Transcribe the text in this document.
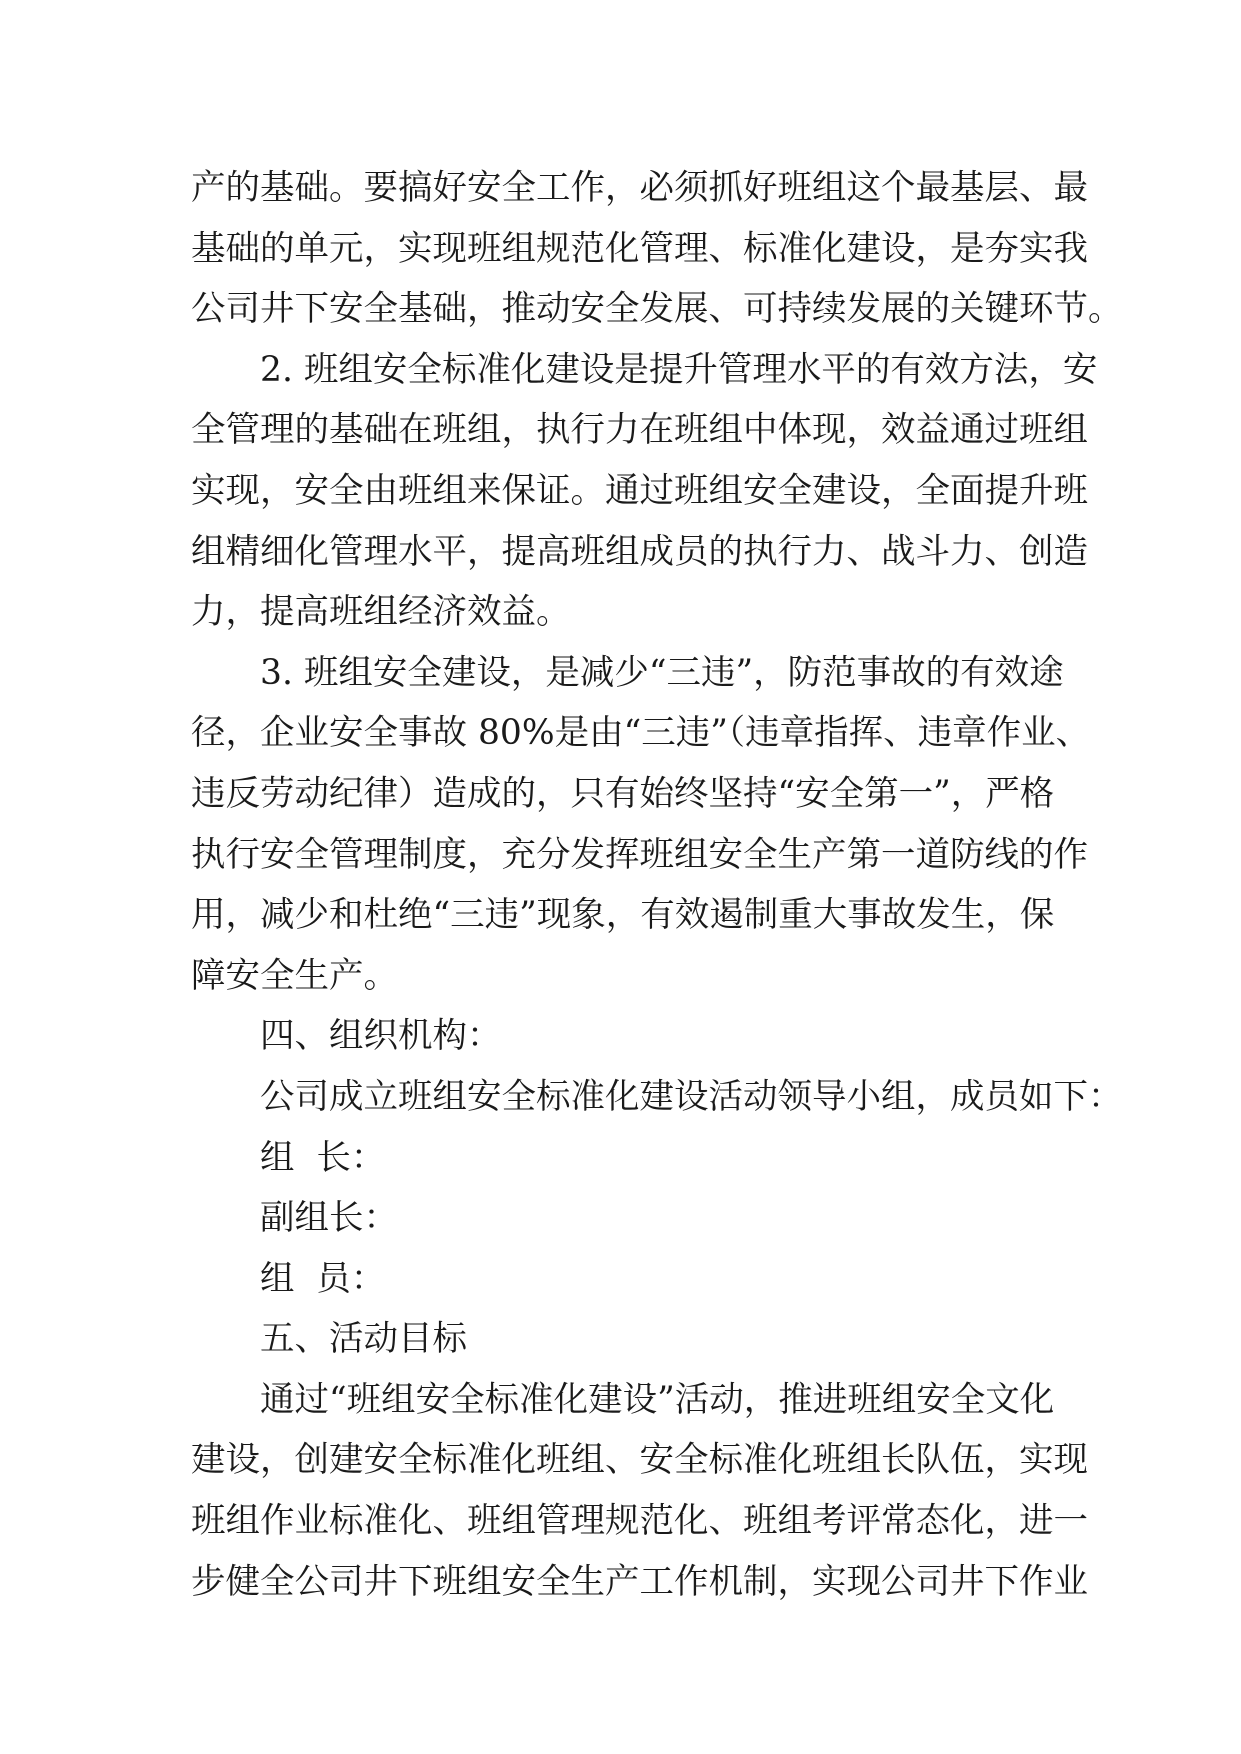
产的基础。要搞好安全工作，必须抓好班组这个最基层、最
基础的单元，实现班组规范化管理、标准化建设，是夯实我
公司井下安全基础，推动安全发展、可持续发展的关键环节。
2. 班组安全标准化建设是提升管理水平的有效方法，安
全管理的基础在班组，执行力在班组中体现，效益通过班组
实现，安全由班组来保证。通过班组安全建设，全面提升班
组精细化管理水平，提高班组成员的执行力、战斗力、创造
力，提高班组经济效益。
3. 班组安全建设，是减少“三违”，防范事故的有效途
径，企业安全事故 80%是由“三违”（违章指挥、违章作业、
违反劳动纪律）造成的，只有始终坚持“安全第一”，严格
执行安全管理制度，充分发挥班组安全生产第一道防线的作
用，减少和杜绝“三违”现象，有效遏制重大事故发生，保
障安全生产。
四、组织机构：
公司成立班组安全标准化建设活动领导小组，成员如下：
组  长：
副组长：
组  员：
五、活动目标
通过“班组安全标准化建设”活动，推进班组安全文化
建设，创建安全标准化班组、安全标准化班组长队伍，实现
班组作业标准化、班组管理规范化、班组考评常态化，进一
步健全公司井下班组安全生产工作机制，实现公司井下作业
